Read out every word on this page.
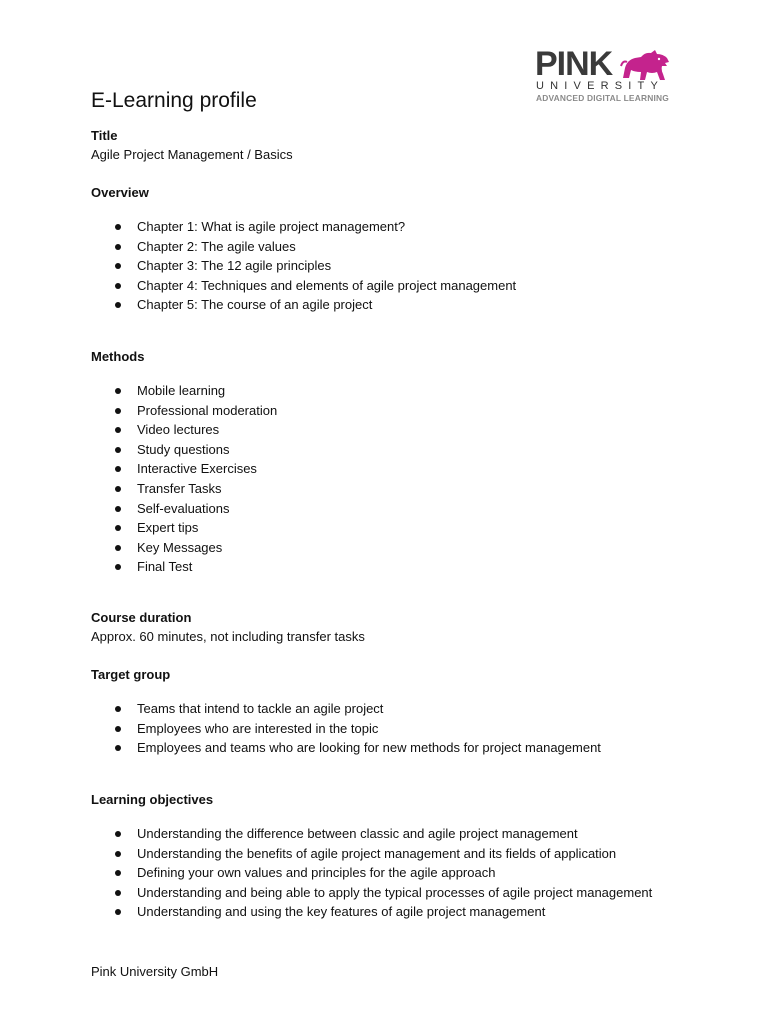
PINK
UNIVERSITY
ADVANCED DIGITAL LEARNING
E-Learning profile
Title
Agile Project Management / Basics
Overview
Chapter 1: What is agile project management?
Chapter 2: The agile values
Chapter 3: The 12 agile principles
Chapter 4: Techniques and elements of agile project management
Chapter 5: The course of an agile project
Methods
Mobile learning
Professional moderation
Video lectures
Study questions
Interactive Exercises
Transfer Tasks
Self-evaluations
Expert tips
Key Messages
Final Test
Course duration
Approx. 60 minutes, not including transfer tasks
Target group
Teams that intend to tackle an agile project
Employees who are interested in the topic
Employees and teams who are looking for new methods for project management
Learning objectives
Understanding the difference between classic and agile project management
Understanding the benefits of agile project management and its fields of application
Defining your own values and principles for the agile approach
Understanding and being able to apply the typical processes of agile project management
Understanding and using the key features of agile project management
Pink University GmbH
